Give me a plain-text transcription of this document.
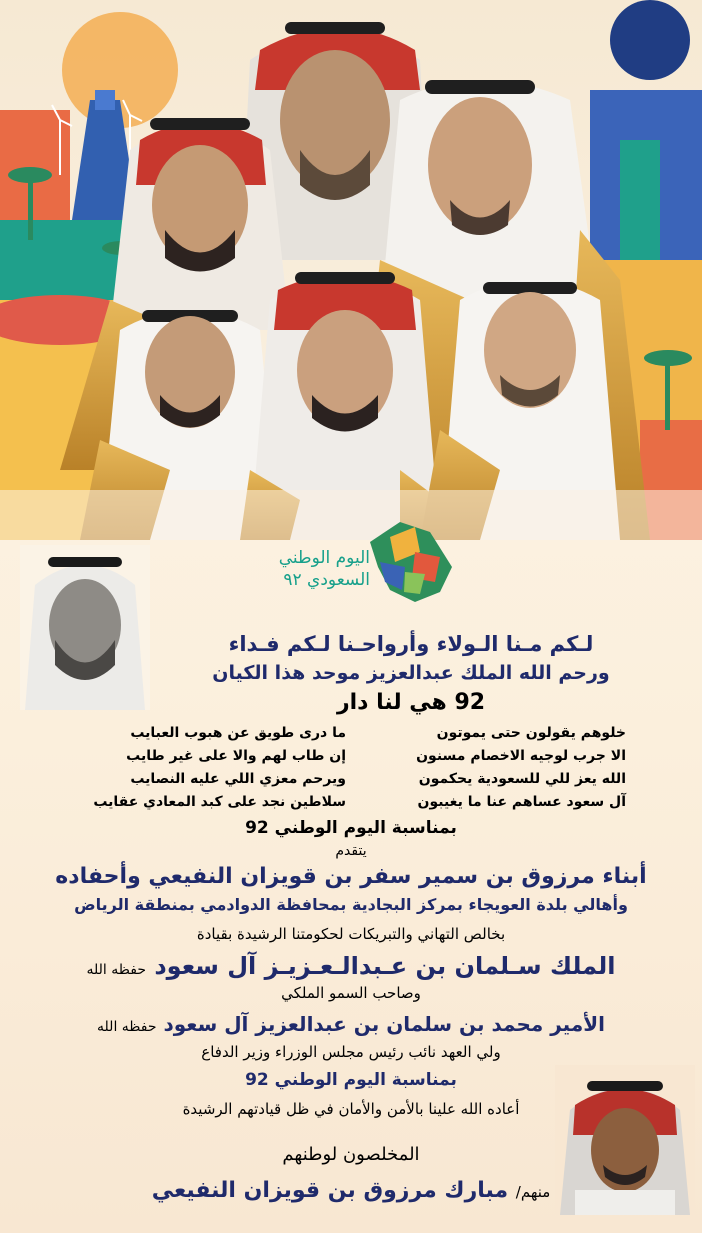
اليوم الوطني
السعودي ٩٢
لـكم مـنا الـولاء وأرواحـنا لـكم فـداء
ورحم الله الملك عبدالعزيز موحد هذا الكيان
92 هي لنا دار
خلوهم يقولون حتى يموتون
ما درى طويق عن هبوب العبايب
الا جرب لوجيه الاخصام مسنون
إن طاب لهم والا على غير طايب
الله يعز للي للسعودية يحكمون
ويرحم معزي اللي عليه النصايب
آل سعود عساهم عنا ما يغيبون
سلاطين نجد على كبد المعادي عقايب
بمناسبة اليوم الوطني 92
يتقدم
أبناء مرزوق بن سمير سفر بن قويزان النفيعي وأحفاده
وأهالي بلدة العويجاء بمركز البجادية بمحافظة الدوادمي بمنطقة الرياض
بخالص التهاني والتبريكات لحكومتنا الرشيدة بقيادة
الملك سـلمان بن عـبدالـعـزيـز آل سعود حفظه الله
وصاحب السمو الملكي
الأمير محمد بن سلمان بن عبدالعزيز آل سعود حفظه الله
ولي العهد نائب رئيس مجلس الوزراء وزير الدفاع
بمناسبة اليوم الوطني 92
أعاده الله علينا بالأمن والأمان في ظل قيادتهم الرشيدة
المخلصون لوطنهم
منهم/ مبارك مرزوق بن قويزان النفيعي
